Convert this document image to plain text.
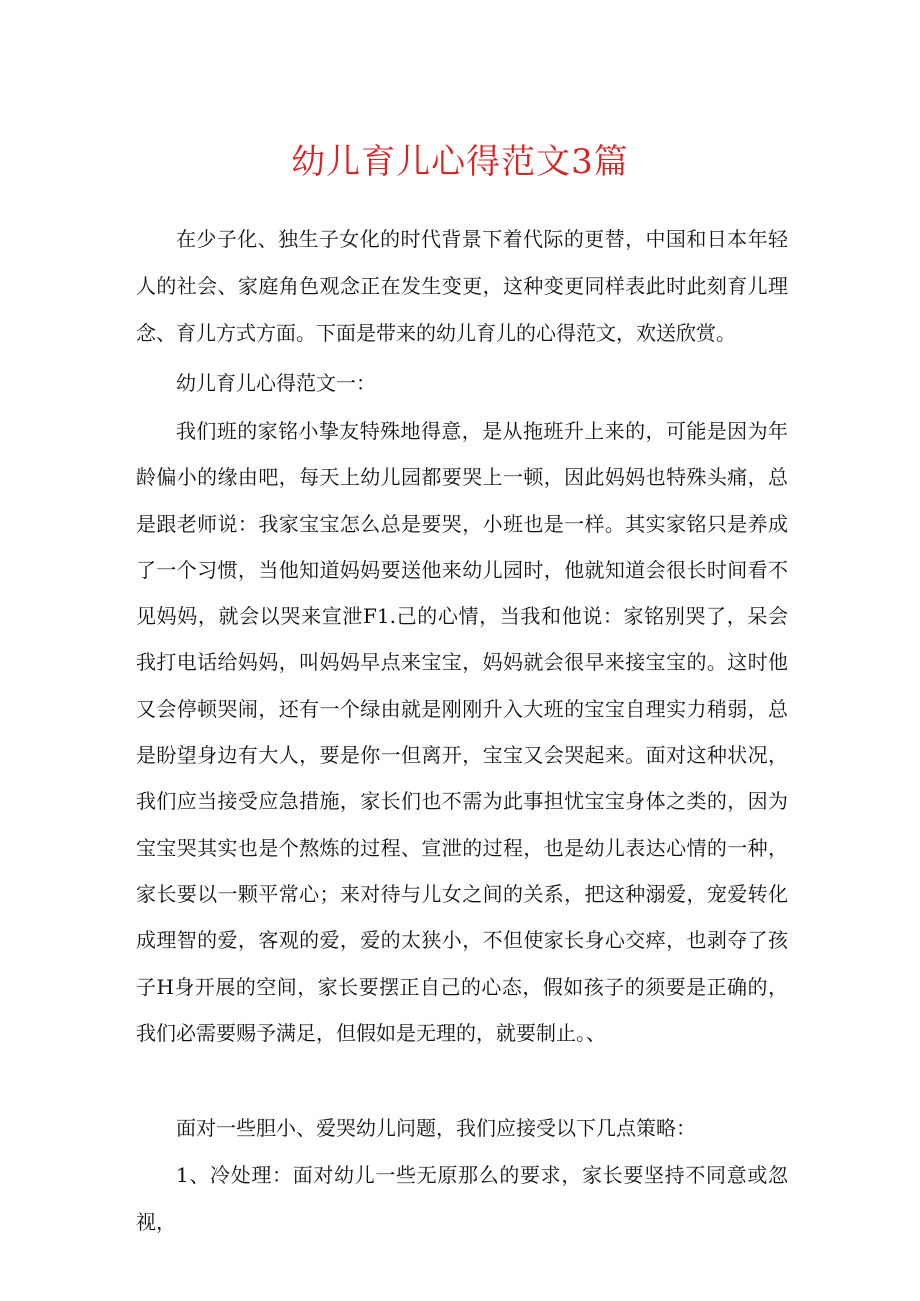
幼儿育儿心得范文3篇

在少子化、独生子女化的时代背景下着代际的更替，中国和日本年轻人的社会、家庭角色观念正在发生变更，这种变更同样表此时此刻育儿理念、育儿方式方面。下面是带来的幼儿育儿的心得范文，欢送欣赏。

幼儿育儿心得范文一：

我们班的家铭小挚友特殊地得意，是从拖班升上来的，可能是因为年龄偏小的缘由吧，每天上幼儿园都要哭上一顿，因此妈妈也特殊头痛，总是跟老师说：我家宝宝怎么总是要哭，小班也是一样。其实家铭只是养成了一个习惯，当他知道妈妈要送他来幼儿园时，他就知道会很长时间看不见妈妈，就会以哭来宣泄F1.己的心情，当我和他说：家铭别哭了，呆会我打电话给妈妈，叫妈妈早点来宝宝，妈妈就会很早来接宝宝的。这时他又会停顿哭闹，还有一个绿由就是刚刚升入大班的宝宝自理实力稍弱，总是盼望身边有大人，要是你一但离开，宝宝又会哭起来。面对这种状况，我们应当接受应急措施，家长们也不需为此事担忧宝宝身体之类的，因为宝宝哭其实也是个熬炼的过程、宣泄的过程，也是幼儿表达心情的一种，家长要以一颗平常心；来对待与儿女之间的关系，把这种溺爱，宠爱转化成理智的爱，客观的爱，爱的太狭小，不但使家长身心交瘁，也剥夺了孩子H身开展的空间，家长要摆正自己的心态，假如孩子的须要是正确的，我们必需要赐予满足，但假如是无理的，就要制止。、

面对一些胆小、爱哭幼儿问题，我们应接受以下几点策略：

1、冷处理：面对幼儿一些无原那么的要求，家长要坚持不同意或忽视，
